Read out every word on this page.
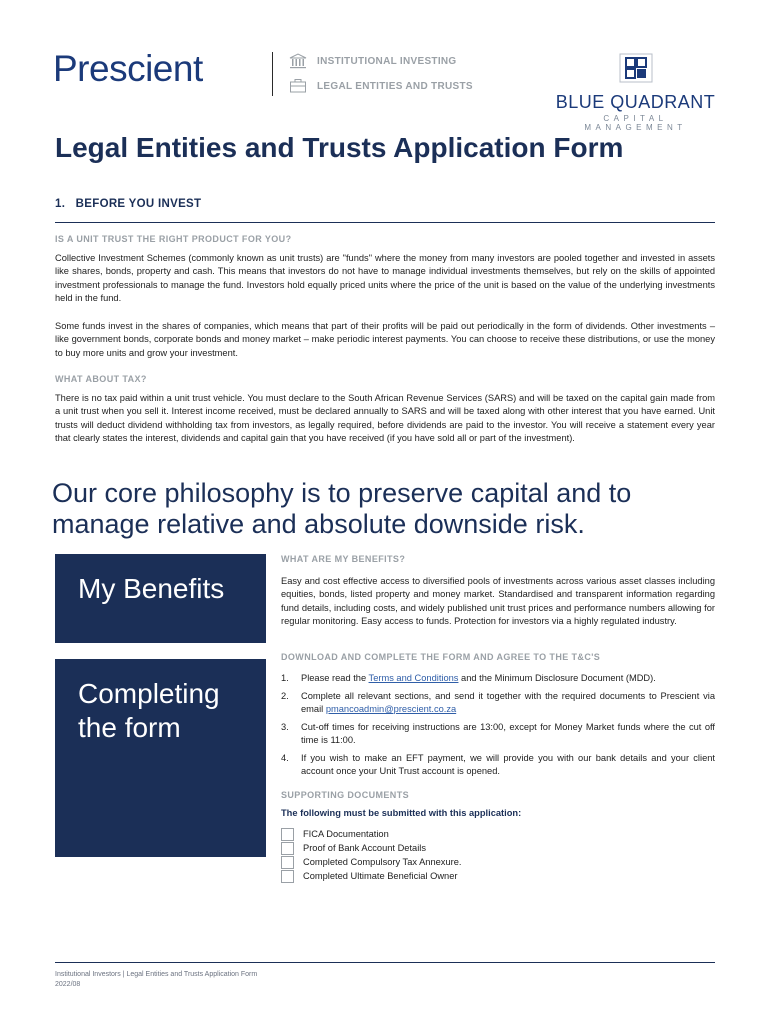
Prescient	INSTITUTIONAL INVESTING
LEGAL ENTITIES AND TRUSTS
BLUE QUADRANT
CAPITAL MANAGEMENT
Legal Entities and Trusts Application Form
1.   BEFORE YOU INVEST
IS A UNIT TRUST THE RIGHT PRODUCT FOR YOU?
Collective Investment Schemes (commonly known as unit trusts) are "funds" where the money from many investors are pooled together and invested in assets like shares, bonds, property and cash. This means that investors do not have to manage individual investments themselves, but rely on the skills of appointed investment professionals to manage the fund. Investors hold equally priced units where the price of the unit is based on the value of the underlying investments held in the fund.
Some funds invest in the shares of companies, which means that part of their profits will be paid out periodically in the form of dividends. Other investments – like government bonds, corporate bonds and money market – make periodic interest payments. You can choose to receive these distributions, or use the money to buy more units and grow your investment.
WHAT ABOUT TAX?
There is no tax paid within a unit trust vehicle. You must declare to the South African Revenue Services (SARS) and will be taxed on the capital gain made from a unit trust when you sell it. Interest income received, must be declared annually to SARS and will be taxed along with other interest that you have earned. Unit trusts will deduct dividend withholding tax from investors, as legally required, before dividends are paid to the investor. You will receive a statement every year that clearly states the interest, dividends and capital gain that you have received (if you have sold all or part of the investment).
Our core philosophy is to preserve capital and to manage relative and absolute downside risk.
My Benefits
WHAT ARE MY BENEFITS?
Easy and cost effective access to diversified pools of investments across various asset classes including equities, bonds, listed property and money market. Standardised and transparent information regarding fund details, including costs, and widely published unit trust prices and performance numbers allowing for regular monitoring. Easy access to funds. Protection for investors via a highly regulated industry.
Completing
the form
DOWNLOAD AND COMPLETE THE FORM AND AGREE TO THE T&C'S
1.	Please read the Terms and Conditions and the Minimum Disclosure Document (MDD).
2.	Complete all relevant sections, and send it together with the required documents to Prescient via email pmancoadmin@prescient.co.za
3.	Cut-off times for receiving instructions are 13:00, except for Money Market funds where the cut off time is 11:00.
4.	If you wish to make an EFT payment, we will provide you with our bank details and your client account once your Unit Trust account is opened.
SUPPORTING DOCUMENTS
The following must be submitted with this application:
FICA Documentation
Proof of Bank Account Details
Completed Compulsory Tax Annexure.
Completed Ultimate Beneficial Owner
Institutional Investors | Legal Entities and Trusts Application Form
2022/08
